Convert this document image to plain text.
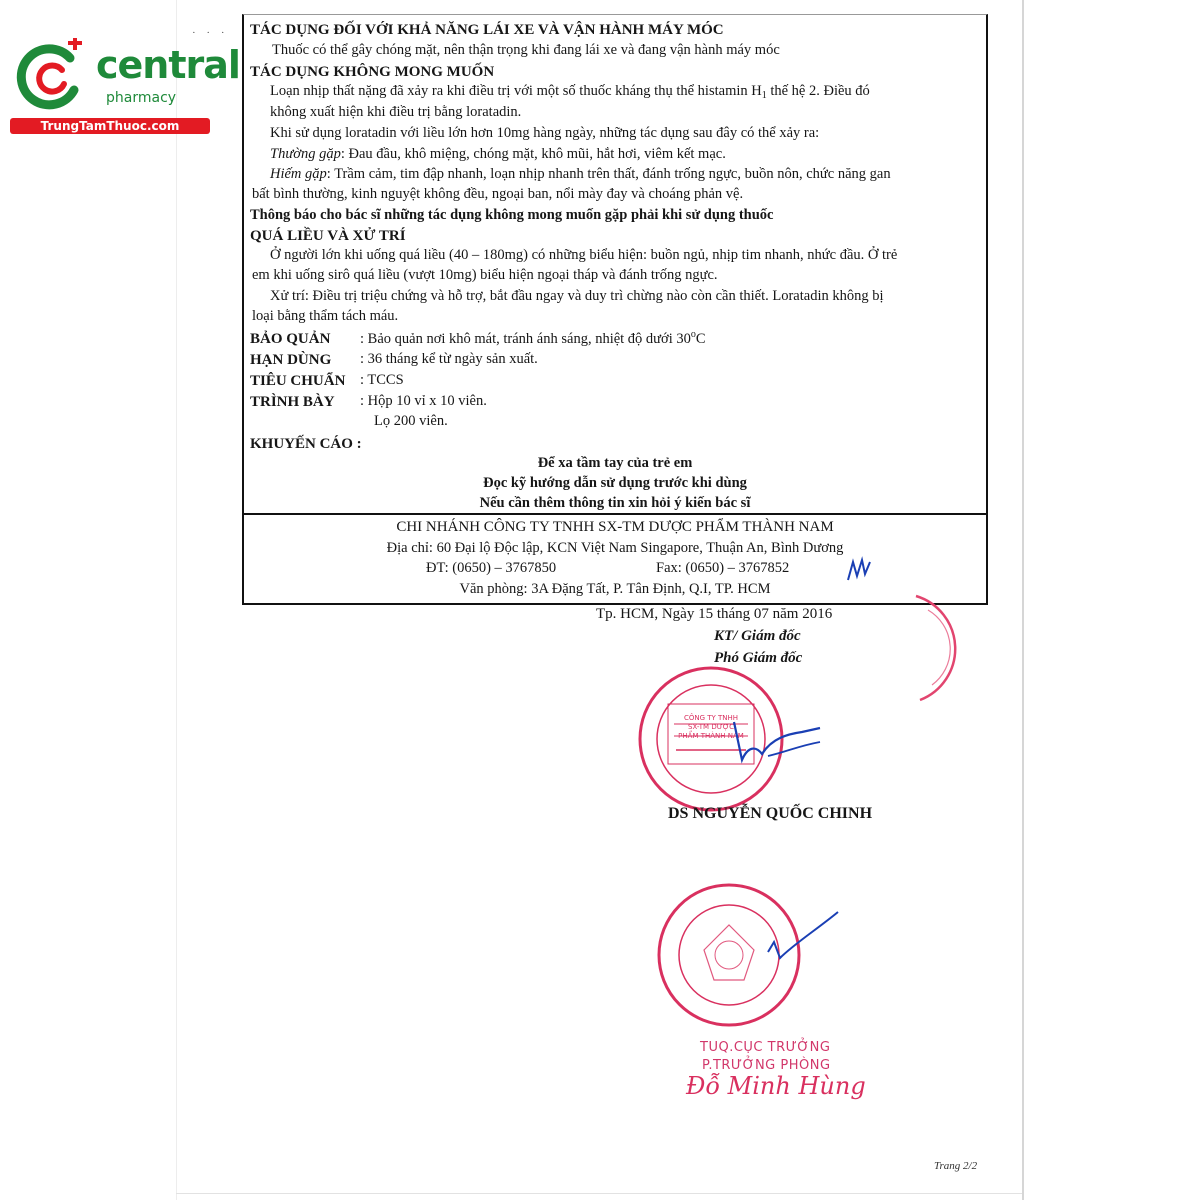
central
pharmacy
TrungTamThuoc.com
· · · TÁC DỤNG ĐỐI VỚI KHẢ NĂNG LÁI XE VÀ VẬN HÀNH MÁY MÓC
Thuốc có thể gây chóng mặt, nên thận trọng khi đang lái xe và đang vận hành máy móc
TÁC DỤNG KHÔNG MONG MUỐN
Loạn nhịp thất nặng đã xảy ra khi điều trị với một số thuốc kháng thụ thể histamin $H_1$ thế hệ 2. Điều đó
không xuất hiện khi điều trị bằng loratadin.
Khi sử dụng loratadin với liều lớn hơn 10mg hàng ngày, những tác dụng sau đây có thể xảy ra:
Thường gặp: Đau đầu, khô miệng, chóng mặt, khô mũi, hắt hơi, viêm kết mạc.
Hiếm gặp: Trầm cảm, tim đập nhanh, loạn nhịp nhanh trên thất, đánh trống ngực, buồn nôn, chức năng gan
bất bình thường, kinh nguyệt không đều, ngoại ban, nổi mày đay và choáng phản vệ.
Thông báo cho bác sĩ những tác dụng không mong muốn gặp phải khi sử dụng thuốc
QUÁ LIỀU VÀ XỬ TRÍ
Ở người lớn khi uống quá liều (40 – 180mg) có những biểu hiện: buồn ngủ, nhịp tim nhanh, nhức đầu. Ở trẻ
em khi uống sirô quá liều (vượt 10mg) biểu hiện ngoại tháp và đánh trống ngực.
Xử trí: Điều trị triệu chứng và hỗ trợ, bắt đầu ngay và duy trì chừng nào còn cần thiết. Loratadin không bị
loại bằng thẩm tách máu.
BẢO QUẢN : Bảo quản nơi khô mát, tránh ánh sáng, nhiệt độ dưới 30$^o$C
HẠN DÙNG : 36 tháng kể từ ngày sản xuất.
TIÊU CHUẨN : TCCS
TRÌNH BÀY : Hộp 10 vỉ x 10 viên.
Lọ 200 viên.
KHUYẾN CÁO :
Để xa tầm tay của trẻ em
Đọc kỹ hướng dẫn sử dụng trước khi dùng
Nếu cần thêm thông tin xin hỏi ý kiến bác sĩ
CHI NHÁNH CÔNG TY TNHH SX-TM DƯỢC PHẨM THÀNH NAM
Địa chỉ: 60 Đại lộ Độc lập, KCN Việt Nam Singapore, Thuận An, Bình Dương
ĐT: (0650) – 3767850	Fax: (0650) – 3767852
Văn phòng: 3A Đặng Tất, P. Tân Định, Q.I, TP. HCM
Tp. HCM, Ngày 15 tháng 07 năm 2016
KT/ Giám đốc
Phó Giám đốc
CÔNG TY TNHH SX-TM DƯỢC PHẨM THÀNH NAM
DS NGUYỄN QUỐC CHINH
TUQ.CỤC TRƯỞNG
P.TRƯỞNG PHÒNG
Đỗ Minh Hùng
Trang 2/2
